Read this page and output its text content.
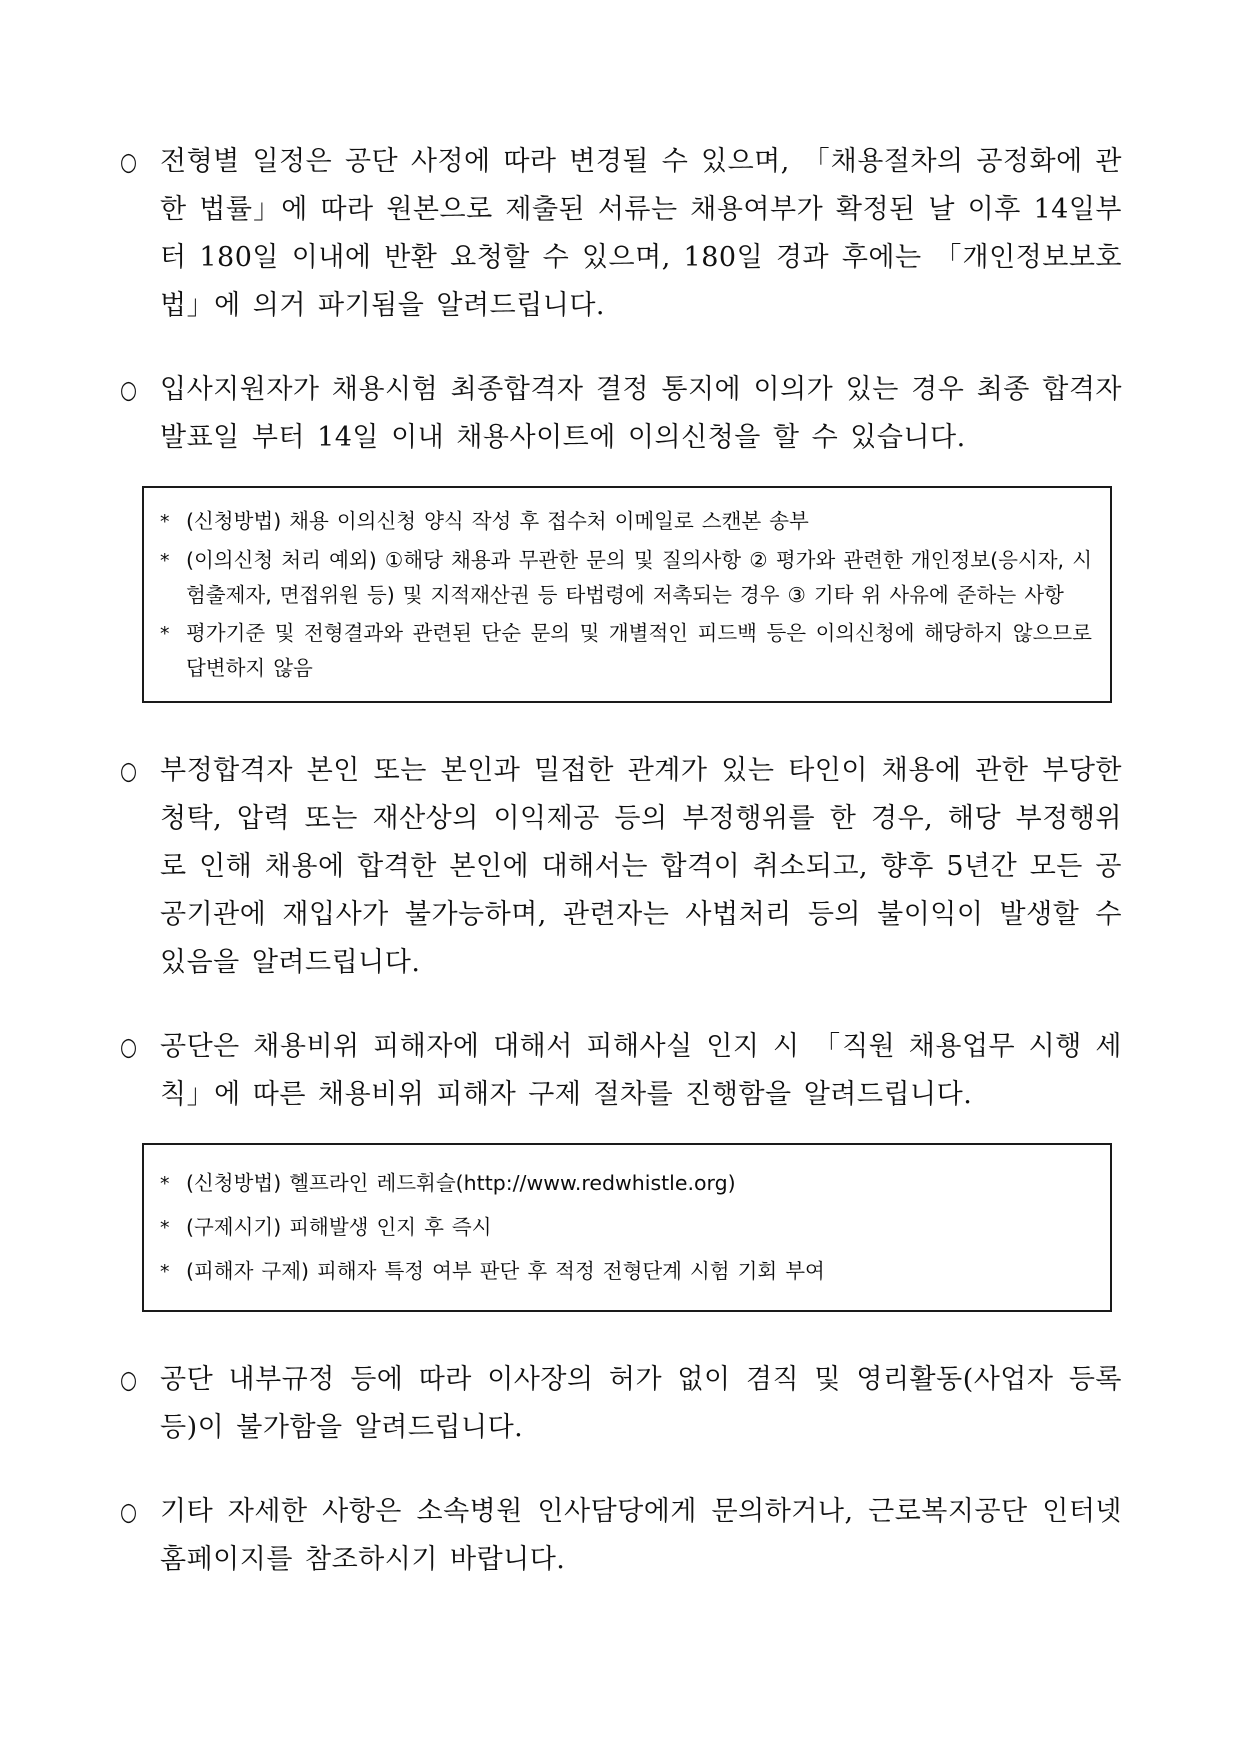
○ 전형별 일정은 공단 사정에 따라 변경될 수 있으며, 「채용절차의 공정화에 관한 법률」에 따라 원본으로 제출된 서류는 채용여부가 확정된 날 이후 14일부터 180일 이내에 반환 요청할 수 있으며, 180일 경과 후에는 「개인정보보호법」에 의거 파기됨을 알려드립니다.
○ 입사지원자가 채용시험 최종합격자 결정 통지에 이의가 있는 경우 최종 합격자 발표일 부터 14일 이내 채용사이트에 이의신청을 할 수 있습니다.
* (신청방법) 채용 이의신청 양식 작성 후 접수처 이메일로 스캔본 송부
* (이의신청 처리 예외) ①해당 채용과 무관한 문의 및 질의사항 ② 평가와 관련한 개인정보(응시자, 시험출제자, 면접위원 등) 및 지적재산권 등 타법령에 저촉되는 경우 ③ 기타 위 사유에 준하는 사항
* 평가기준 및 전형결과와 관련된 단순 문의 및 개별적인 피드백 등은 이의신청에 해당하지 않으므로 답변하지 않음
○ 부정합격자 본인 또는 본인과 밀접한 관계가 있는 타인이 채용에 관한 부당한 청탁, 압력 또는 재산상의 이익제공 등의 부정행위를 한 경우, 해당 부정행위로 인해 채용에 합격한 본인에 대해서는 합격이 취소되고, 향후 5년간 모든 공공기관에 재입사가 불가능하며, 관련자는 사법처리 등의 불이익이 발생할 수 있음을 알려드립니다.
○ 공단은 채용비위 피해자에 대해서 피해사실 인지 시 「직원 채용업무 시행 세칙」에 따른 채용비위 피해자 구제 절차를 진행함을 알려드립니다.
* (신청방법) 헬프라인 레드휘슬(http://www.redwhistle.org)
* (구제시기) 피해발생 인지 후 즉시
* (피해자 구제) 피해자 특정 여부 판단 후 적정 전형단계 시험 기회 부여
○ 공단 내부규정 등에 따라 이사장의 허가 없이 겸직 및 영리활동(사업자 등록 등)이 불가함을 알려드립니다.
○ 기타 자세한 사항은 소속병원 인사담당에게 문의하거나, 근로복지공단 인터넷 홈페이지를 참조하시기 바랍니다.
